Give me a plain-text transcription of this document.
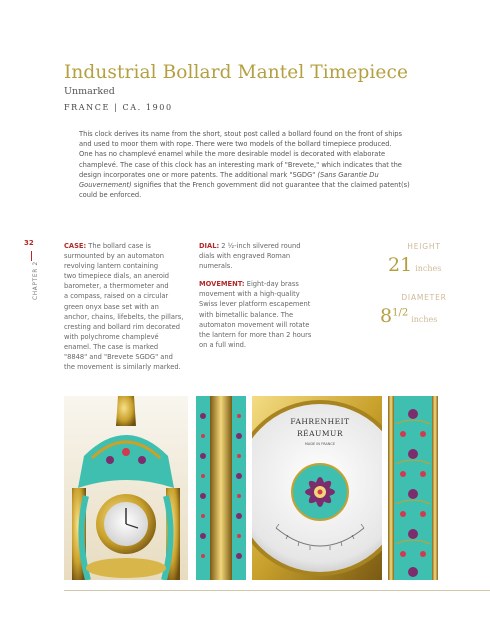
Industrial Bollard Mantel Timepiece
Unmarked
FRANCE | CA. 1900

This clock derives its name from the short, stout post called a bollard found on the front of ships

and used to moor them with rope. There were two models of the bollard timepiece produced.

One has no champlevé enamel while the more desirable model is decorated with elaborate

champlevé. The case of this clock has an interesting mark of "Brevete," which indicates that the

design incorporates one or more patents. The additional mark "SGDG" (Sans Garantie Du

Gouvernement) signifies that the French government did not guarantee that the claimed patent(s)

could be enforced.

32
CHAPTER 2

CASE: The bollard case is
surmounted by an automaton
revolving lantern containing
two timepiece dials, an aneroid
barometer, a thermometer and
a compass, raised on a circular
green onyx base set with an
anchor, chains, lifebelts, the pillars,
cresting and bollard rim decorated
with polychrome champlevé
enamel. The case is marked
"8848" and "Brevete SGDG" and
the movement is similarly marked.

DIAL: 2 ½-inch silvered round
dials with engraved Roman
numerals.

MOVEMENT: Eight-day brass
movement with a high-quality
Swiss lever platform escapement
with bimetallic balance. The
automaton movement will rotate
the lantern for more than 2 hours
on a full wind.

HEIGHT
21 inches
DIAMETER
$8^{1/2}inches$
FAHRENHEIT
RÉAUMUR
MADE IN FRANCE
